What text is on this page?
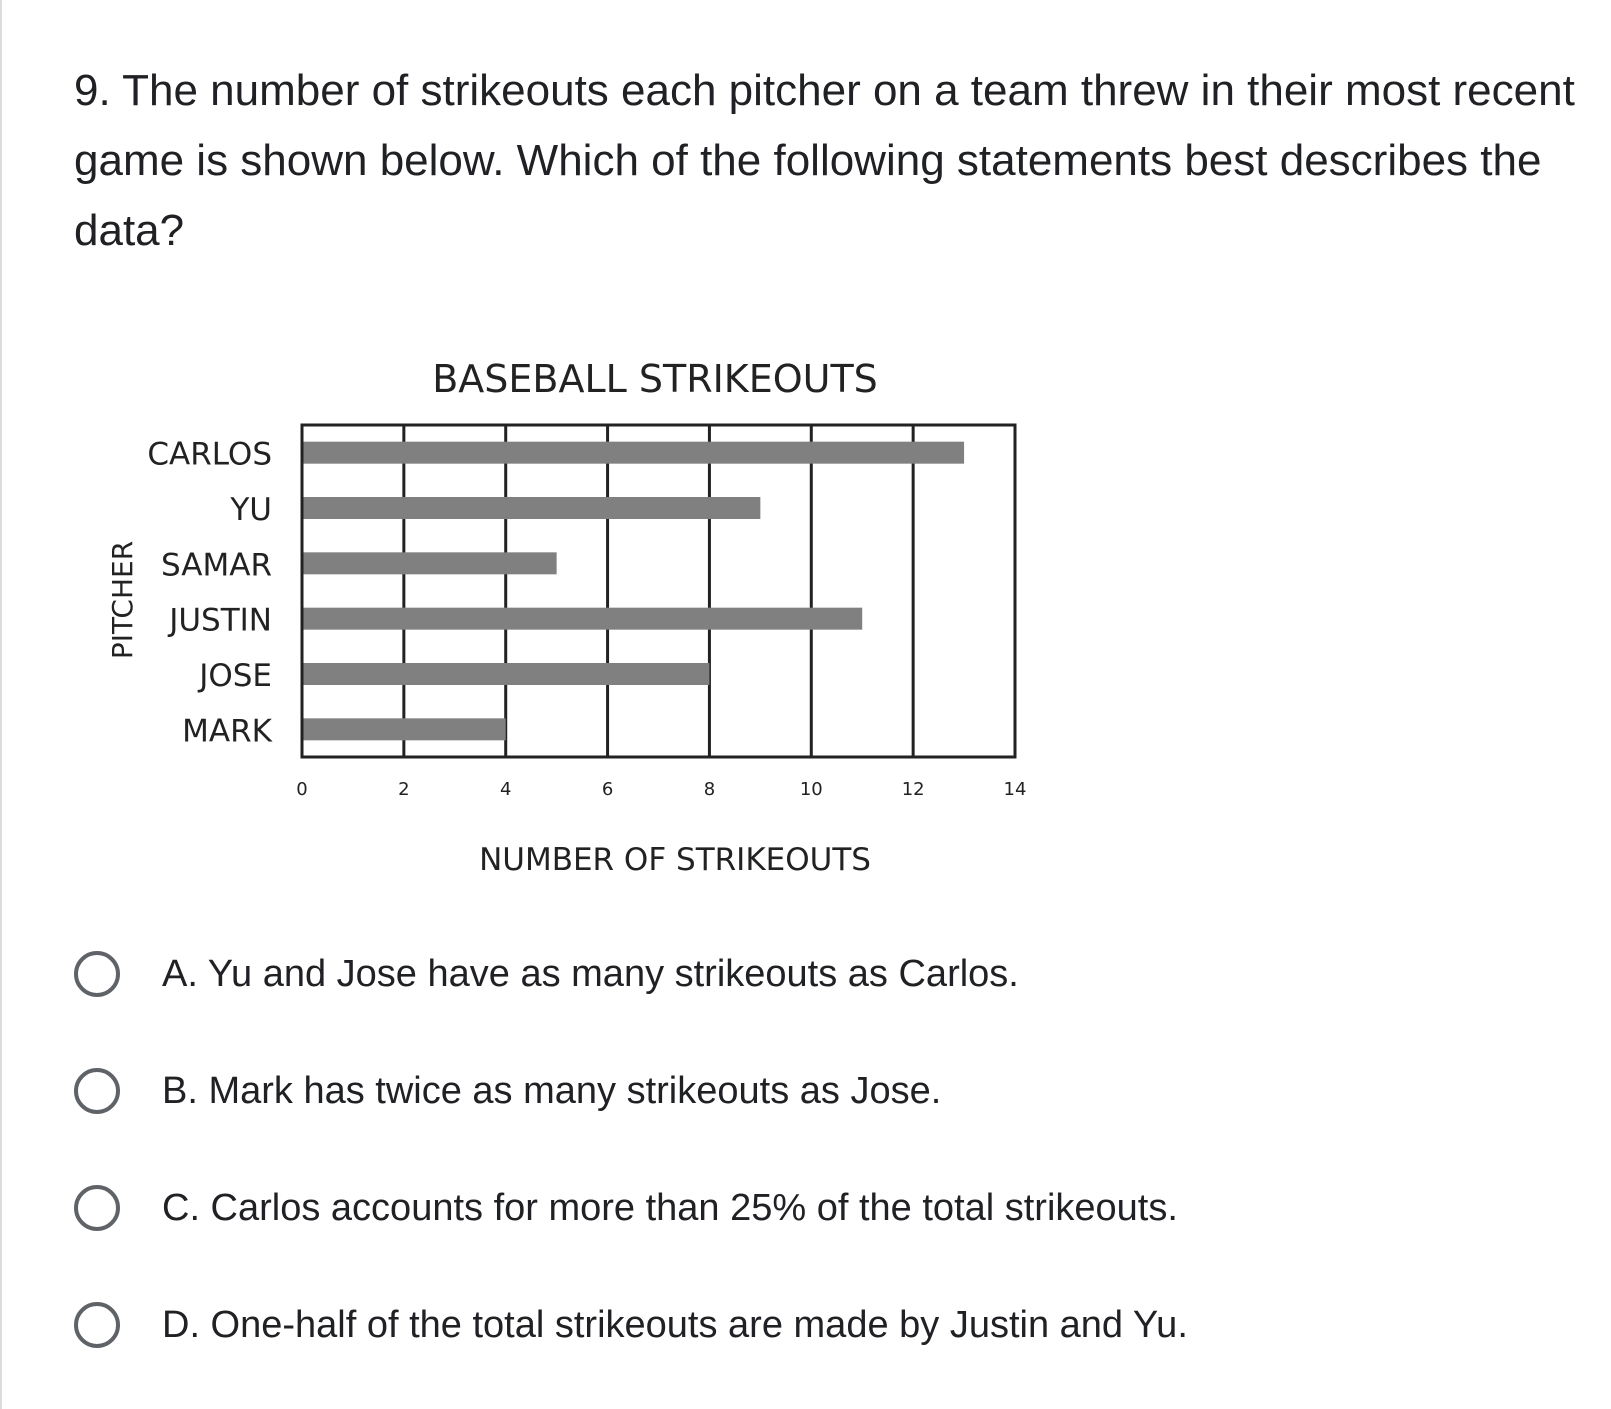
9. The number of strikeouts each pitcher on a team threw in their most recent game is shown below. Which of the following statements best describes the data?
BASEBALL STRIKEOUTS
PITCHER
NUMBER OF STRIKEOUTS
0	2	4	6	8	10	12	14
CARLOS
YU
SAMAR
JUSTIN
JOSE
MARK
A. Yu and Jose have as many strikeouts as Carlos.
B. Mark has twice as many strikeouts as Jose.
C. Carlos accounts for more than 25% of the total strikeouts.
D. One-half of the total strikeouts are made by Justin and Yu.
